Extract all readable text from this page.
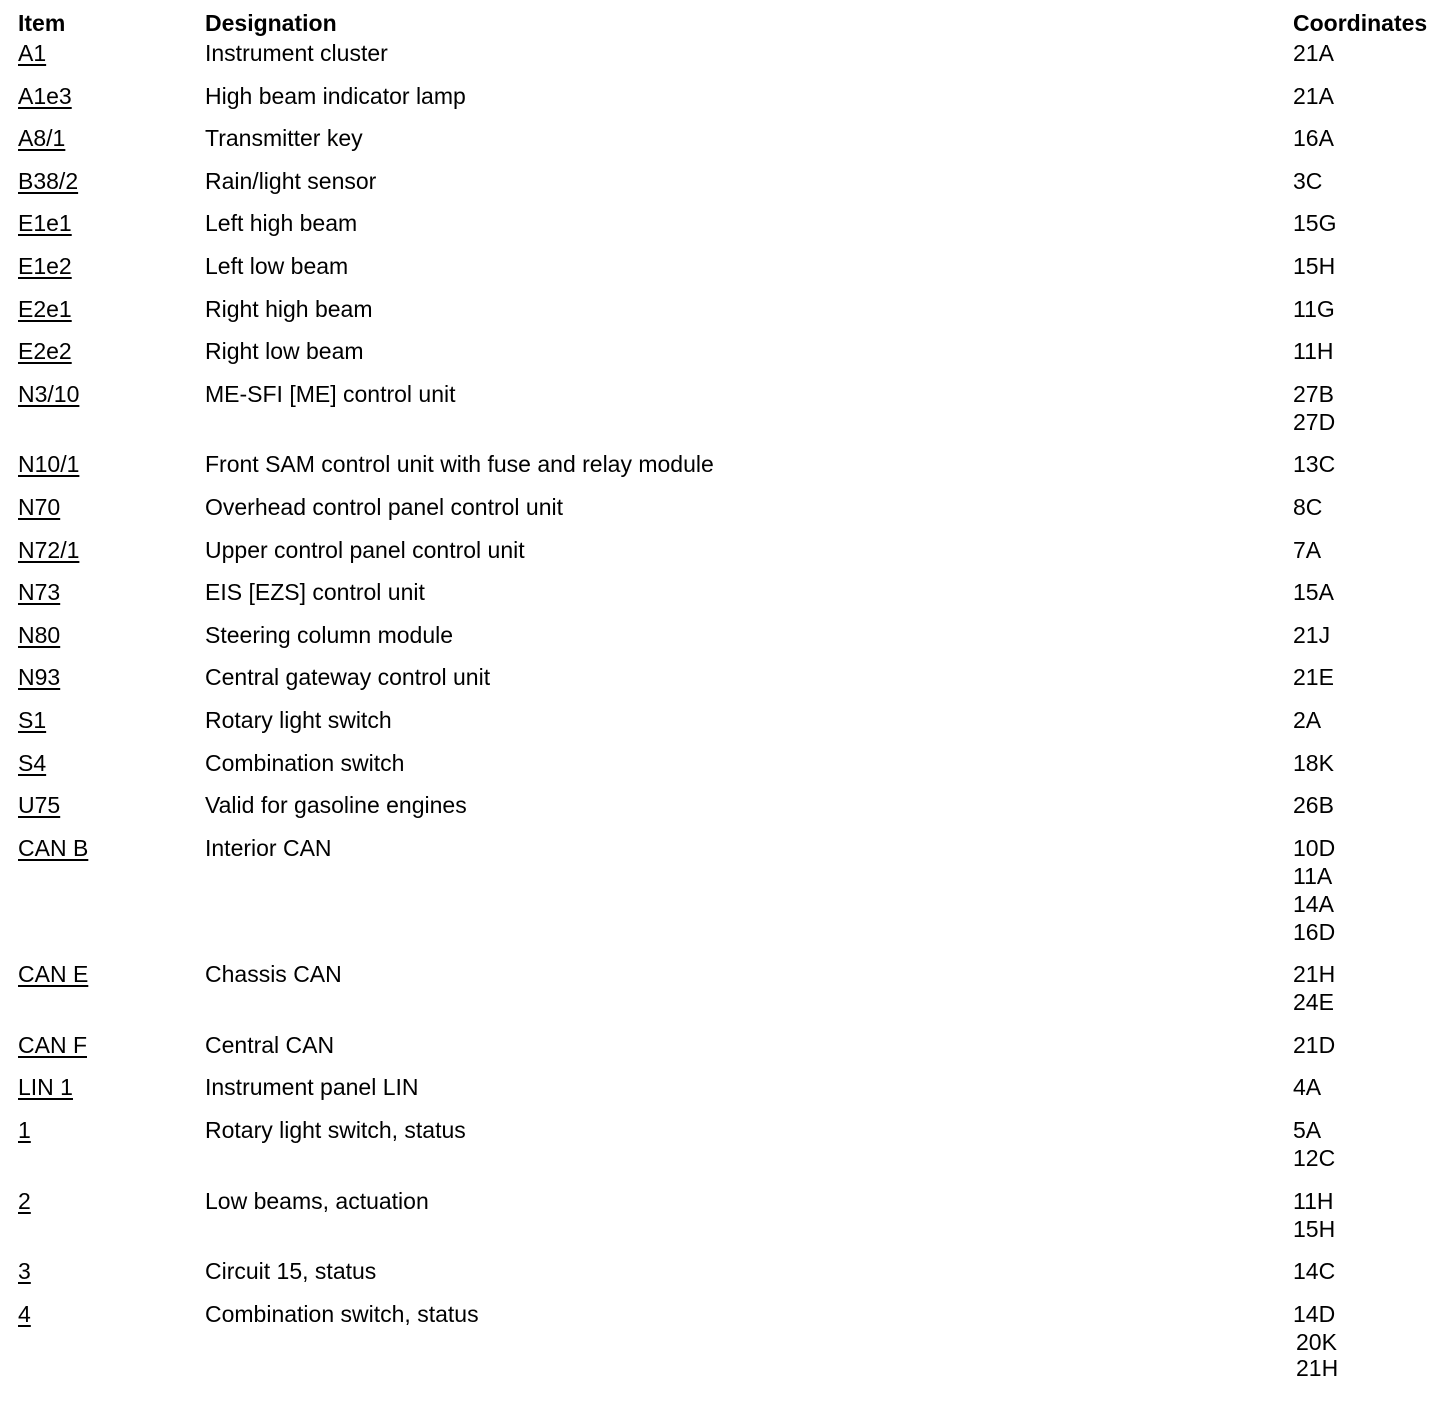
Item	Designation	Coordinates
A1	Instrument cluster	21A
A1e3	High beam indicator lamp	21A
A8/1	Transmitter key	16A
B38/2	Rain/light sensor	3C
E1e1	Left high beam	15G
E1e2	Left low beam	15H
E2e1	Right high beam	11G
E2e2	Right low beam	11H
N3/10	ME-SFI [ME] control unit	27B
27D
N10/1	Front SAM control unit with fuse and relay module	13C
N70	Overhead control panel control unit	8C
N72/1	Upper control panel control unit	7A
N73	EIS [EZS] control unit	15A
N80	Steering column module	21J
N93	Central gateway control unit	21E
S1	Rotary light switch	2A
S4	Combination switch	18K
U75	Valid for gasoline engines	26B
CAN B	Interior CAN	10D
11A
14A
16D
CAN E	Chassis CAN	21H
24E
CAN F	Central CAN	21D
LIN 1	Instrument panel LIN	4A
1	Rotary light switch, status	5A
12C
2	Low beams, actuation	11H
15H
3	Circuit 15, status	14C
4	Combination switch, status	14D
20K
21H
